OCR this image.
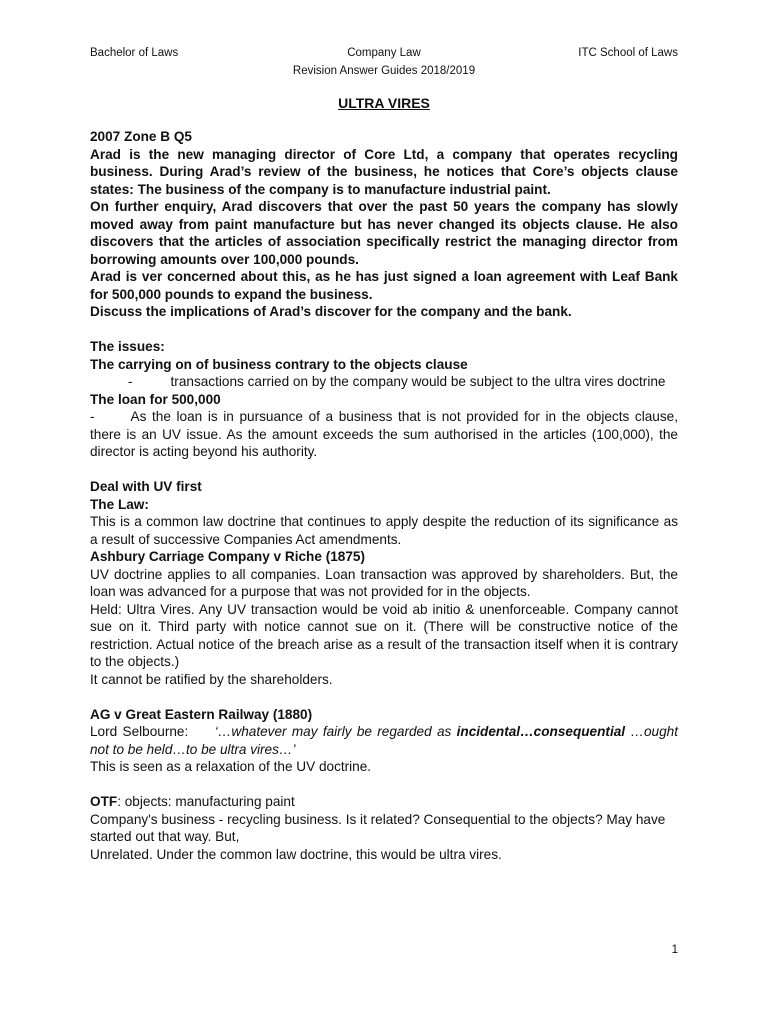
Bachelor of Laws	Company Law	ITC School of Laws
Revision Answer Guides 2018/2019
ULTRA VIRES

2007 Zone B Q5

Arad is the new managing director of Core Ltd, a company that operates recycling business. During Arad’s review of the business, he notices that Core’s objects clause states: The business of the company is to manufacture industrial paint.

On further enquiry, Arad discovers that over the past 50 years the company has slowly moved away from paint manufacture but has never changed its objects clause. He also discovers that the articles of association specifically restrict the managing director from borrowing amounts over 100,000 pounds.

Arad is ver concerned about this, as he has just signed a loan agreement with Leaf Bank for 500,000 pounds to expand the business.

Discuss the implications of Arad’s discover for the company and the bank.

The issues:

The carrying on of business contrary to the objects clause

-	transactions carried on by the company would be subject to the ultra vires doctrine

The loan for 500,000

-	As the loan is in pursuance of a business that is not provided for in the objects clause, there is an UV issue. As the amount exceeds the sum authorised in the articles (100,000), the director is acting beyond his authority.

Deal with UV first

The Law:

This is a common law doctrine that continues to apply despite the reduction of its significance as a result of successive Companies Act amendments.

Ashbury Carriage Company v Riche (1875)

UV doctrine applies to all companies. Loan transaction was approved by shareholders. But, the loan was advanced for a purpose that was not provided for in the objects.

Held: Ultra Vires. Any UV transaction would be void ab initio & unenforceable. Company cannot sue on it. Third party with notice cannot sue on it. (There will be constructive notice of the restriction. Actual notice of the breach arise as a result of the transaction itself when it is contrary to the objects.)

It cannot be ratified by the shareholders.

AG v Great Eastern Railway (1880)

Lord Selbourne: ‘…whatever may fairly be regarded as incidental…consequential …ought not to be held…to be ultra vires…’

This is seen as a relaxation of the UV doctrine.

OTF: objects: manufacturing paint

Company's business - recycling business. Is it related? Consequential to the objects? May have started out that way. But,

Unrelated. Under the common law doctrine, this would be ultra vires.

1
